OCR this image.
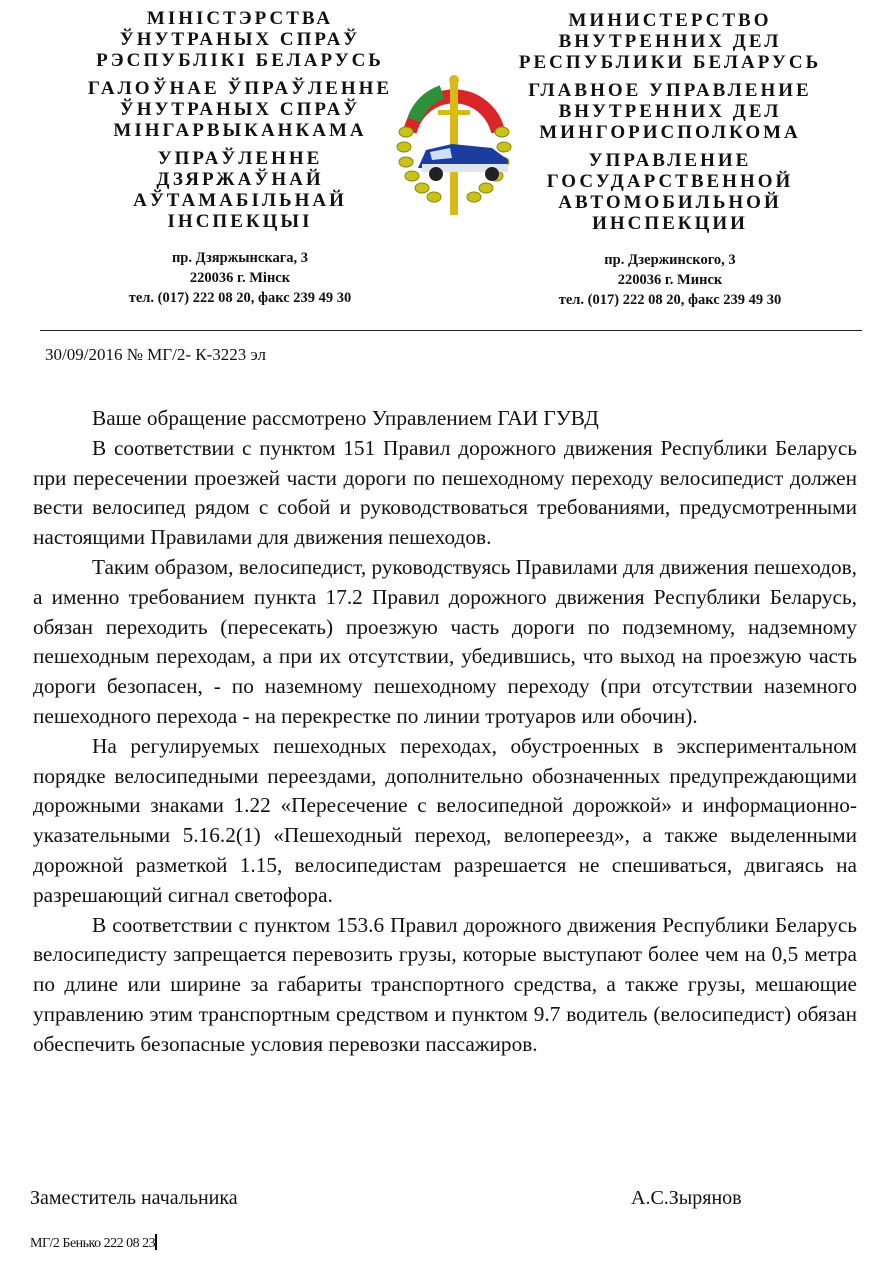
МІНІСТЭРСТВА
ЎНУТРАНЫХ СПРАЎ
РЭСПУБЛІКІ БЕЛАРУСЬ
ГАЛОЎНАЕ ЎПРАЎЛЕННЕ
ЎНУТРАНЫХ СПРАЎ
МІНГАРВЫКАНКАМА
УПРАЎЛЕННЕ
ДЗЯРЖАЎНАЙ
АЎТАМАБІЛЬНАЙ
ІНСПЕКЦЫІ
пр. Дзяржынскага, 3
220036 г. Мінск
тел. (017) 222 08 20, факс 239 49 30
МИНИСТЕРСТВО
ВНУТРЕННИХ ДЕЛ
РЕСПУБЛИКИ БЕЛАРУСЬ
ГЛАВНОЕ УПРАВЛЕНИЕ
ВНУТРЕННИХ ДЕЛ
МИНГОРИСПОЛКОМА
УПРАВЛЕНИЕ
ГОСУДАРСТВЕННОЙ
АВТОМОБИЛЬНОЙ
ИНСПЕКЦИИ
пр. Дзержинского, 3
220036 г. Минск
тел. (017) 222 08 20, факс 239 49 30
30/09/2016 № МГ/2- К-3223 эл

Ваше обращение рассмотрено Управлением ГАИ ГУВД

В соответствии с пунктом 151 Правил дорожного движения Республики Беларусь при пересечении проезжей части дороги по пешеходному переходу велосипедист должен вести велосипед рядом с собой и руководствоваться требованиями, предусмотренными настоящими Правилами для движения пешеходов.

Таким образом, велосипедист, руководствуясь Правилами для движения пешеходов, а именно требованием пункта 17.2 Правил дорожного движения Республики Беларусь, обязан переходить (пересекать) проезжую часть дороги по подземному, надземному пешеходным переходам, а при их отсутствии, убедившись, что выход на проезжую часть дороги безопасен, - по наземному пешеходному переходу (при отсутствии наземного пешеходного перехода - на перекрестке по линии тротуаров или обочин).

На регулируемых пешеходных переходах, обустроенных в экспериментальном порядке велосипедными переездами, дополнительно обозначенных предупреждающими дорожными знаками 1.22 «Пересечение с велосипедной дорожкой» и информационно-указательными 5.16.2(1) «Пешеходный переход, велопереезд», а также выделенными дорожной разметкой 1.15, велосипедистам разрешается не спешиваться, двигаясь на разрешающий сигнал светофора.

В соответствии с пунктом 153.6 Правил дорожного движения Республики Беларусь велосипедисту запрещается перевозить грузы, которые выступают более чем на 0,5 метра по длине или ширине за габариты транспортного средства, а также грузы, мешающие управлению этим транспортным средством и пунктом 9.7 водитель (велосипедист) обязан обеспечить безопасные условия перевозки пассажиров.

Заместитель начальника	А.С.Зырянов
МГ/2 Бенько 222 08 23
